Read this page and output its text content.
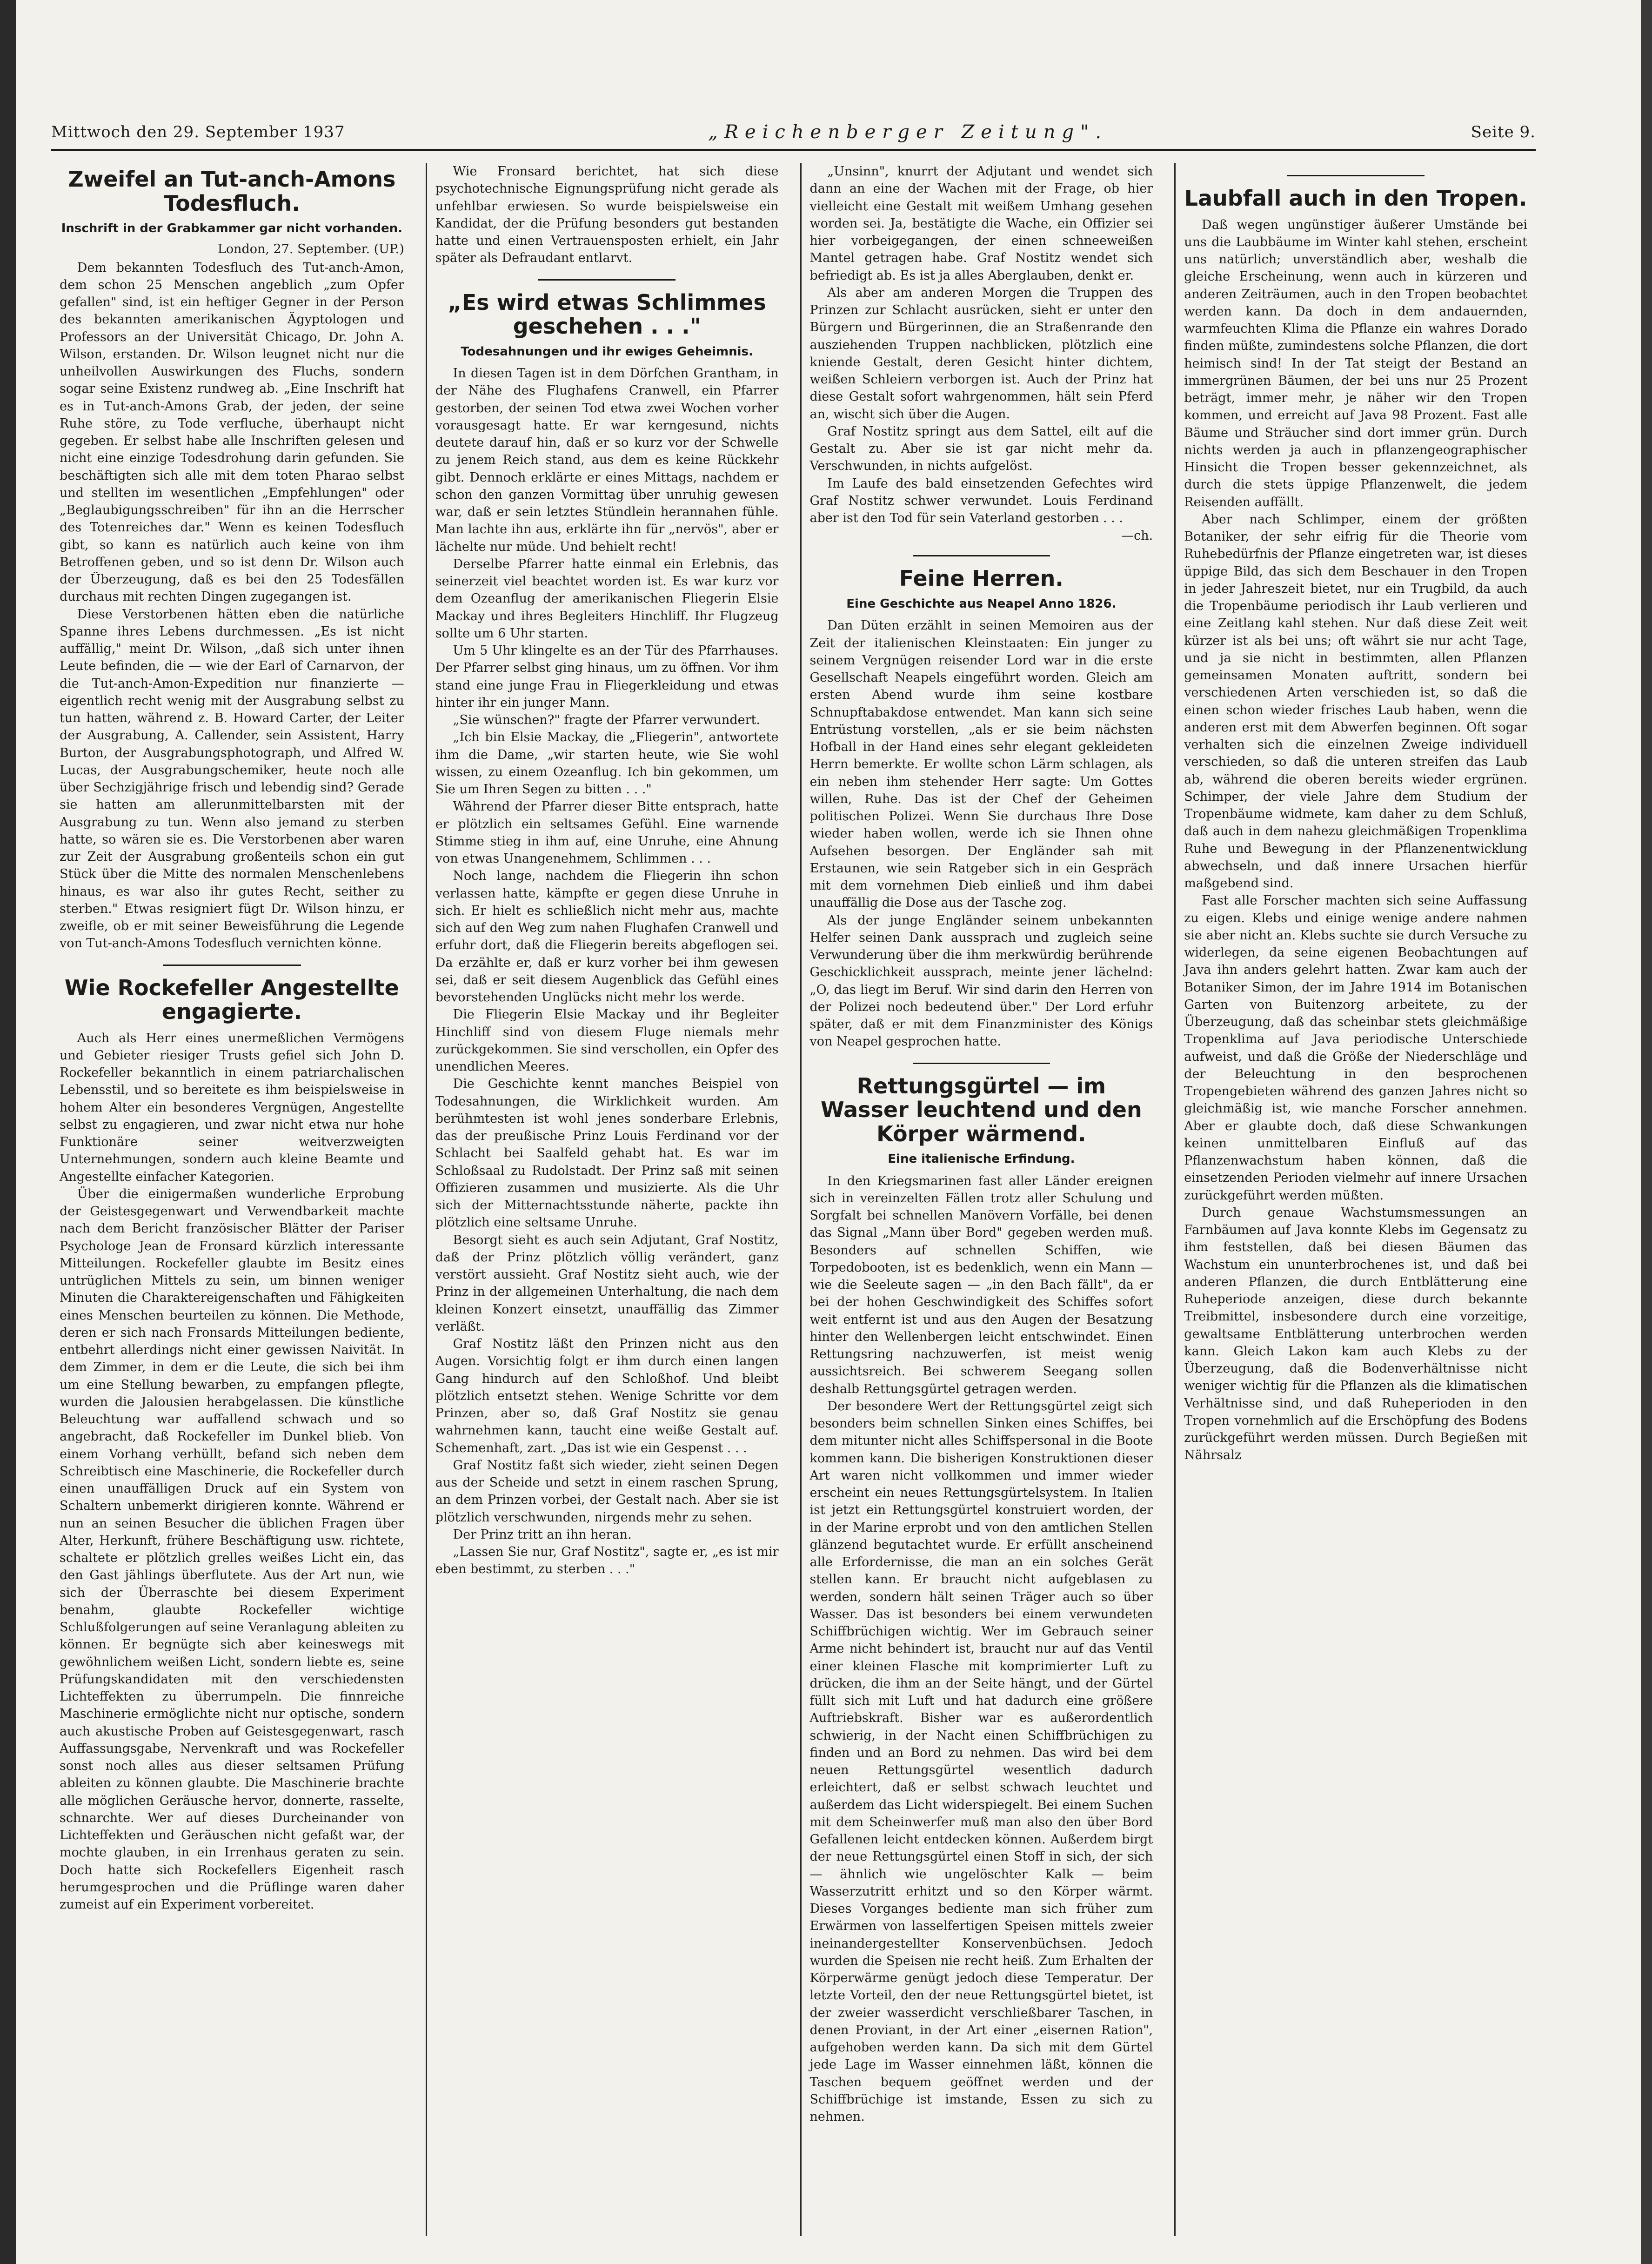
Mittwoch den 29. September 1937	„Reichenberger Zeitung".	Seite 9.
Zweifel an Tut-anch-Amons Todesfluch.
Inschrift in der Grabkammer gar nicht vorhanden.
London, 27. September. (UP.)

Dem bekannten Todesfluch des Tut-anch-Amon, dem schon 25 Menschen angeblich „zum Opfer gefallen" sind, ist ein heftiger Gegner in der Person des bekannten amerikanischen Ägyptologen und Professors an der Universität Chicago, Dr. John A. Wilson, erstanden. Dr. Wilson leugnet nicht nur die unheilvollen Auswirkungen des Fluchs, sondern sogar seine Existenz rundweg ab. „Eine Inschrift hat es in Tut-anch-Amons Grab, der jeden, der seine Ruhe störe, zu Tode verfluche, überhaupt nicht gegeben. Er selbst habe alle Inschriften gelesen und nicht eine einzige Todesdrohung darin gefunden. Sie beschäftigten sich alle mit dem toten Pharao selbst und stellten im wesentlichen „Empfehlungen" oder „Beglaubigungsschreiben" für ihn an die Herrscher des Totenreiches dar." Wenn es keinen Todesfluch gibt, so kann es natürlich auch keine von ihm Betroffenen geben, und so ist denn Dr. Wilson auch der Überzeugung, daß es bei den 25 Todesfällen durchaus mit rechten Dingen zugegangen ist.

Diese Verstorbenen hätten eben die natürliche Spanne ihres Lebens durchmessen. „Es ist nicht auffällig," meint Dr. Wilson, „daß sich unter ihnen Leute befinden, die — wie der Earl of Carnarvon, der die Tut-anch-Amon-Expedition nur finanzierte — eigentlich recht wenig mit der Ausgrabung selbst zu tun hatten, während z. B. Howard Carter, der Leiter der Ausgrabung, A. Callender, sein Assistent, Harry Burton, der Ausgrabungsphotograph, und Alfred W. Lucas, der Ausgrabungschemiker, heute noch alle über Sechzigjährige frisch und lebendig sind? Gerade sie hatten am allerunmittelbarsten mit der Ausgrabung zu tun. Wenn also jemand zu sterben hatte, so wären sie es. Die Verstorbenen aber waren zur Zeit der Ausgrabung großenteils schon ein gut Stück über die Mitte des normalen Menschenlebens hinaus, es war also ihr gutes Recht, seither zu sterben." Etwas resigniert fügt Dr. Wilson hinzu, er zweifle, ob er mit seiner Beweisführung die Legende von Tut-anch-Amons Todesfluch vernichten könne.

Wie Rockefeller Angestellte engagierte.

Auch als Herr eines unermeßlichen Vermögens und Gebieter riesiger Trusts gefiel sich John D. Rockefeller bekanntlich in einem patriarchalischen Lebensstil, und so bereitete es ihm beispielsweise in hohem Alter ein besonderes Vergnügen, Angestellte selbst zu engagieren, und zwar nicht etwa nur hohe Funktionäre seiner weitverzweigten Unternehmungen, sondern auch kleine Beamte und Angestellte einfacher Kategorien.

Über die einigermaßen wunderliche Erprobung der Geistesgegenwart und Verwendbarkeit machte nach dem Bericht französischer Blätter der Pariser Psychologe Jean de Fronsard kürzlich interessante Mitteilungen. Rockefeller glaubte im Besitz eines untrüglichen Mittels zu sein, um binnen weniger Minuten die Charaktereigenschaften und Fähigkeiten eines Menschen beurteilen zu können. Die Methode, deren er sich nach Fronsards Mitteilungen bediente, entbehrt allerdings nicht einer gewissen Naivität. In dem Zimmer, in dem er die Leute, die sich bei ihm um eine Stellung bewarben, zu empfangen pflegte, wurden die Jalousien herabgelassen. Die künstliche Beleuchtung war auffallend schwach und so angebracht, daß Rockefeller im Dunkel blieb. Von einem Vorhang verhüllt, befand sich neben dem Schreibtisch eine Maschinerie, die Rockefeller durch einen unauffälligen Druck auf ein System von Schaltern unbemerkt dirigieren konnte. Während er nun an seinen Besucher die üblichen Fragen über Alter, Herkunft, frühere Beschäftigung usw. richtete, schaltete er plötzlich grelles weißes Licht ein, das den Gast jählings überflutete. Aus der Art nun, wie sich der Überraschte bei diesem Experiment benahm, glaubte Rockefeller wichtige Schlußfolgerungen auf seine Veranlagung ableiten zu können. Er begnügte sich aber keineswegs mit gewöhnlichem weißen Licht, sondern liebte es, seine Prüfungskandidaten mit den verschiedensten Lichteffekten zu überrumpeln. Die finnreiche Maschinerie ermöglichte nicht nur optische, sondern auch akustische Proben auf Geistesgegenwart, rasch Auffassungsgabe, Nervenkraft und was Rockefeller sonst noch alles aus dieser seltsamen Prüfung ableiten zu können glaubte. Die Maschinerie brachte alle möglichen Geräusche hervor, donnerte, rasselte, schnarchte. Wer auf dieses Durcheinander von Lichteffekten und Geräuschen nicht gefaßt war, der mochte glauben, in ein Irrenhaus geraten zu sein. Doch hatte sich Rockefellers Eigenheit rasch herumgesprochen und die Prüflinge waren daher zumeist auf ein Experiment vorbereitet.

Wie Fronsard berichtet, hat sich diese psychotechnische Eignungsprüfung nicht gerade als unfehlbar erwiesen. So wurde beispielsweise ein Kandidat, der die Prüfung besonders gut bestanden hatte und einen Vertrauensposten erhielt, ein Jahr später als Defraudant entlarvt.

„Es wird etwas Schlimmes geschehen . . ."
Todesahnungen und ihr ewiges Geheimnis.

In diesen Tagen ist in dem Dörfchen Grantham, in der Nähe des Flughafens Cranwell, ein Pfarrer gestorben, der seinen Tod etwa zwei Wochen vorher vorausgesagt hatte. Er war kerngesund, nichts deutete darauf hin, daß er so kurz vor der Schwelle zu jenem Reich stand, aus dem es keine Rückkehr gibt. Dennoch erklärte er eines Mittags, nachdem er schon den ganzen Vormittag über unruhig gewesen war, daß er sein letztes Stündlein herannahen fühle. Man lachte ihn aus, erklärte ihn für „nervös", aber er lächelte nur müde. Und behielt recht!

Derselbe Pfarrer hatte einmal ein Erlebnis, das seinerzeit viel beachtet worden ist. Es war kurz vor dem Ozeanflug der amerikanischen Fliegerin Elsie Mackay und ihres Begleiters Hinchliff. Ihr Flugzeug sollte um 6 Uhr starten.

Um 5 Uhr klingelte es an der Tür des Pfarrhauses. Der Pfarrer selbst ging hinaus, um zu öffnen. Vor ihm stand eine junge Frau in Fliegerkleidung und etwas hinter ihr ein junger Mann.

„Sie wünschen?" fragte der Pfarrer verwundert.

„Ich bin Elsie Mackay, die „Fliegerin", antwortete ihm die Dame, „wir starten heute, wie Sie wohl wissen, zu einem Ozeanflug. Ich bin gekommen, um Sie um Ihren Segen zu bitten . . ."

Während der Pfarrer dieser Bitte entsprach, hatte er plötzlich ein seltsames Gefühl. Eine warnende Stimme stieg in ihm auf, eine Unruhe, eine Ahnung von etwas Unangenehmem, Schlimmen . . .

Noch lange, nachdem die Fliegerin ihn schon verlassen hatte, kämpfte er gegen diese Unruhe in sich. Er hielt es schließlich nicht mehr aus, machte sich auf den Weg zum nahen Flughafen Cranwell und erfuhr dort, daß die Fliegerin bereits abgeflogen sei. Da erzählte er, daß er kurz vorher bei ihm gewesen sei, daß er seit diesem Augenblick das Gefühl eines bevorstehenden Unglücks nicht mehr los werde.

Die Fliegerin Elsie Mackay und ihr Begleiter Hinchliff sind von diesem Fluge niemals mehr zurückgekommen. Sie sind verschollen, ein Opfer des unendlichen Meeres.

Die Geschichte kennt manches Beispiel von Todesahnungen, die Wirklichkeit wurden. Am berühmtesten ist wohl jenes sonderbare Erlebnis, das der preußische Prinz Louis Ferdinand vor der Schlacht bei Saalfeld gehabt hat. Es war im Schloßsaal zu Rudolstadt. Der Prinz saß mit seinen Offizieren zusammen und musizierte. Als die Uhr sich der Mitternachtsstunde näherte, packte ihn plötzlich eine seltsame Unruhe.

Besorgt sieht es auch sein Adjutant, Graf Nostitz, daß der Prinz plötzlich völlig verändert, ganz verstört aussieht. Graf Nostitz sieht auch, wie der Prinz in der allgemeinen Unterhaltung, die nach dem kleinen Konzert einsetzt, unauffällig das Zimmer verläßt.

Graf Nostitz läßt den Prinzen nicht aus den Augen. Vorsichtig folgt er ihm durch einen langen Gang hindurch auf den Schloßhof. Und bleibt plötzlich entsetzt stehen. Wenige Schritte vor dem Prinzen, aber so, daß Graf Nostitz sie genau wahrnehmen kann, taucht eine weiße Gestalt auf. Schemenhaft, zart. „Das ist wie ein Gespenst . . .

Graf Nostitz faßt sich wieder, zieht seinen Degen aus der Scheide und setzt in einem raschen Sprung, an dem Prinzen vorbei, der Gestalt nach. Aber sie ist plötzlich verschwunden, nirgends mehr zu sehen.

Der Prinz tritt an ihn heran.

„Lassen Sie nur, Graf Nostitz", sagte er, „es ist mir eben bestimmt, zu sterben . . ."

„Unsinn", knurrt der Adjutant und wendet sich dann an eine der Wachen mit der Frage, ob hier vielleicht eine Gestalt mit weißem Umhang gesehen worden sei. Ja, bestätigte die Wache, ein Offizier sei hier vorbeigegangen, der einen schneeweißen Mantel getragen habe. Graf Nostitz wendet sich befriedigt ab. Es ist ja alles Aberglauben, denkt er.

Als aber am anderen Morgen die Truppen des Prinzen zur Schlacht ausrücken, sieht er unter den Bürgern und Bürgerinnen, die an Straßenrande den ausziehenden Truppen nachblicken, plötzlich eine kniende Gestalt, deren Gesicht hinter dichtem, weißen Schleiern verborgen ist. Auch der Prinz hat diese Gestalt sofort wahrgenommen, hält sein Pferd an, wischt sich über die Augen.

Graf Nostitz springt aus dem Sattel, eilt auf die Gestalt zu. Aber sie ist gar nicht mehr da. Verschwunden, in nichts aufgelöst.

Im Laufe des bald einsetzenden Gefechtes wird Graf Nostitz schwer verwundet. Louis Ferdinand aber ist den Tod für sein Vaterland gestorben . . .

—ch.
Feine Herren.
Eine Geschichte aus Neapel Anno 1826.

Dan Düten erzählt in seinen Memoiren aus der Zeit der italienischen Kleinstaaten: Ein junger zu seinem Vergnügen reisender Lord war in die erste Gesellschaft Neapels eingeführt worden. Gleich am ersten Abend wurde ihm seine kostbare Schnupftabakdose entwendet. Man kann sich seine Entrüstung vorstellen, „als er sie beim nächsten Hofball in der Hand eines sehr elegant gekleideten Herrn bemerkte. Er wollte schon Lärm schlagen, als ein neben ihm stehender Herr sagte: Um Gottes willen, Ruhe. Das ist der Chef der Geheimen politischen Polizei. Wenn Sie durchaus Ihre Dose wieder haben wollen, werde ich sie Ihnen ohne Aufsehen besorgen. Der Engländer sah mit Erstaunen, wie sein Ratgeber sich in ein Gespräch mit dem vornehmen Dieb einließ und ihm dabei unauffällig die Dose aus der Tasche zog.

Als der junge Engländer seinem unbekannten Helfer seinen Dank aussprach und zugleich seine Verwunderung über die ihm merkwürdig berührende Geschicklichkeit aussprach, meinte jener lächelnd: „O, das liegt im Beruf. Wir sind darin den Herren von der Polizei noch bedeutend über." Der Lord erfuhr später, daß er mit dem Finanzminister des Königs von Neapel gesprochen hatte.

Rettungsgürtel — im Wasser leuchtend und den Körper wärmend.
Eine italienische Erfindung.

In den Kriegsmarinen fast aller Länder ereignen sich in vereinzelten Fällen trotz aller Schulung und Sorgfalt bei schnellen Manövern Vorfälle, bei denen das Signal „Mann über Bord" gegeben werden muß. Besonders auf schnellen Schiffen, wie Torpedobooten, ist es bedenklich, wenn ein Mann — wie die Seeleute sagen — „in den Bach fällt", da er bei der hohen Geschwindigkeit des Schiffes sofort weit entfernt ist und aus den Augen der Besatzung hinter den Wellenbergen leicht entschwindet. Einen Rettungsring nachzuwerfen, ist meist wenig aussichtsreich. Bei schwerem Seegang sollen deshalb Rettungsgürtel getragen werden.

Der besondere Wert der Rettungsgürtel zeigt sich besonders beim schnellen Sinken eines Schiffes, bei dem mitunter nicht alles Schiffspersonal in die Boote kommen kann. Die bisherigen Konstruktionen dieser Art waren nicht vollkommen und immer wieder erscheint ein neues Rettungsgürtelsystem. In Italien ist jetzt ein Rettungsgürtel konstruiert worden, der in der Marine erprobt und von den amtlichen Stellen glänzend begutachtet wurde. Er erfüllt anscheinend alle Erfordernisse, die man an ein solches Gerät stellen kann. Er braucht nicht aufgeblasen zu werden, sondern hält seinen Träger auch so über Wasser. Das ist besonders bei einem verwundeten Schiffbrüchigen wichtig. Wer im Gebrauch seiner Arme nicht behindert ist, braucht nur auf das Ventil einer kleinen Flasche mit komprimierter Luft zu drücken, die ihm an der Seite hängt, und der Gürtel füllt sich mit Luft und hat dadurch eine größere Auftriebskraft. Bisher war es außerordentlich schwierig, in der Nacht einen Schiffbrüchigen zu finden und an Bord zu nehmen. Das wird bei dem neuen Rettungsgürtel wesentlich dadurch erleichtert, daß er selbst schwach leuchtet und außerdem das Licht widerspiegelt. Bei einem Suchen mit dem Scheinwerfer muß man also den über Bord Gefallenen leicht entdecken können. Außerdem birgt der neue Rettungsgürtel einen Stoff in sich, der sich — ähnlich wie ungelöschter Kalk — beim Wasserzutritt erhitzt und so den Körper wärmt. Dieses Vorganges bediente man sich früher zum Erwärmen von lasselfertigen Speisen mittels zweier ineinandergestellter Konservenbüchsen. Jedoch wurden die Speisen nie recht heiß. Zum Erhalten der Körperwärme genügt jedoch diese Temperatur. Der letzte Vorteil, den der neue Rettungsgürtel bietet, ist der zweier wasserdicht verschließbarer Taschen, in denen Proviant, in der Art einer „eisernen Ration", aufgehoben werden kann. Da sich mit dem Gürtel jede Lage im Wasser einnehmen läßt, können die Taschen bequem geöffnet werden und der Schiffbrüchige ist imstande, Essen zu sich zu nehmen.

Laubfall auch in den Tropen.

Daß wegen ungünstiger äußerer Umstände bei uns die Laubbäume im Winter kahl stehen, erscheint uns natürlich; unverständlich aber, weshalb die gleiche Erscheinung, wenn auch in kürzeren und anderen Zeiträumen, auch in den Tropen beobachtet werden kann. Da doch in dem andauernden, warmfeuchten Klima die Pflanze ein wahres Dorado finden müßte, zumindestens solche Pflanzen, die dort heimisch sind! In der Tat steigt der Bestand an immergrünen Bäumen, der bei uns nur 25 Prozent beträgt, immer mehr, je näher wir den Tropen kommen, und erreicht auf Java 98 Prozent. Fast alle Bäume und Sträucher sind dort immer grün. Durch nichts werden ja auch in pflanzengeographischer Hinsicht die Tropen besser gekennzeichnet, als durch die stets üppige Pflanzenwelt, die jedem Reisenden auffällt.

Aber nach Schlimper, einem der größten Botaniker, der sehr eifrig für die Theorie vom Ruhebedürfnis der Pflanze eingetreten war, ist dieses üppige Bild, das sich dem Beschauer in den Tropen in jeder Jahreszeit bietet, nur ein Trugbild, da auch die Tropenbäume periodisch ihr Laub verlieren und eine Zeitlang kahl stehen. Nur daß diese Zeit weit kürzer ist als bei uns; oft währt sie nur acht Tage, und ja sie nicht in bestimmten, allen Pflanzen gemeinsamen Monaten auftritt, sondern bei verschiedenen Arten verschieden ist, so daß die einen schon wieder frisches Laub haben, wenn die anderen erst mit dem Abwerfen beginnen. Oft sogar verhalten sich die einzelnen Zweige individuell verschieden, so daß die unteren streifen das Laub ab, während die oberen bereits wieder ergrünen. Schimper, der viele Jahre dem Studium der Tropenbäume widmete, kam daher zu dem Schluß, daß auch in dem nahezu gleichmäßigen Tropenklima Ruhe und Bewegung in der Pflanzenentwicklung abwechseln, und daß innere Ursachen hierfür maßgebend sind.

Fast alle Forscher machten sich seine Auffassung zu eigen. Klebs und einige wenige andere nahmen sie aber nicht an. Klebs suchte sie durch Versuche zu widerlegen, da seine eigenen Beobachtungen auf Java ihn anders gelehrt hatten. Zwar kam auch der Botaniker Simon, der im Jahre 1914 im Botanischen Garten von Buitenzorg arbeitete, zu der Überzeugung, daß das scheinbar stets gleichmäßige Tropenklima auf Java periodische Unterschiede aufweist, und daß die Größe der Niederschläge und der Beleuchtung in den besprochenen Tropengebieten während des ganzen Jahres nicht so gleichmäßig ist, wie manche Forscher annehmen. Aber er glaubte doch, daß diese Schwankungen keinen unmittelbaren Einfluß auf das Pflanzenwachstum haben können, daß die einsetzenden Perioden vielmehr auf innere Ursachen zurückgeführt werden müßten.

Durch genaue Wachstumsmessungen an Farnbäumen auf Java konnte Klebs im Gegensatz zu ihm feststellen, daß bei diesen Bäumen das Wachstum ein ununterbrochenes ist, und daß bei anderen Pflanzen, die durch Entblätterung eine Ruheperiode anzeigen, diese durch bekannte Treibmittel, insbesondere durch eine vorzeitige, gewaltsame Entblätterung unterbrochen werden kann. Gleich Lakon kam auch Klebs zu der Überzeugung, daß die Bodenverhältnisse nicht weniger wichtig für die Pflanzen als die klimatischen Verhältnisse sind, und daß Ruheperioden in den Tropen vornehmlich auf die Erschöpfung des Bodens zurückgeführt werden müssen. Durch Begießen mit Nährsalz
